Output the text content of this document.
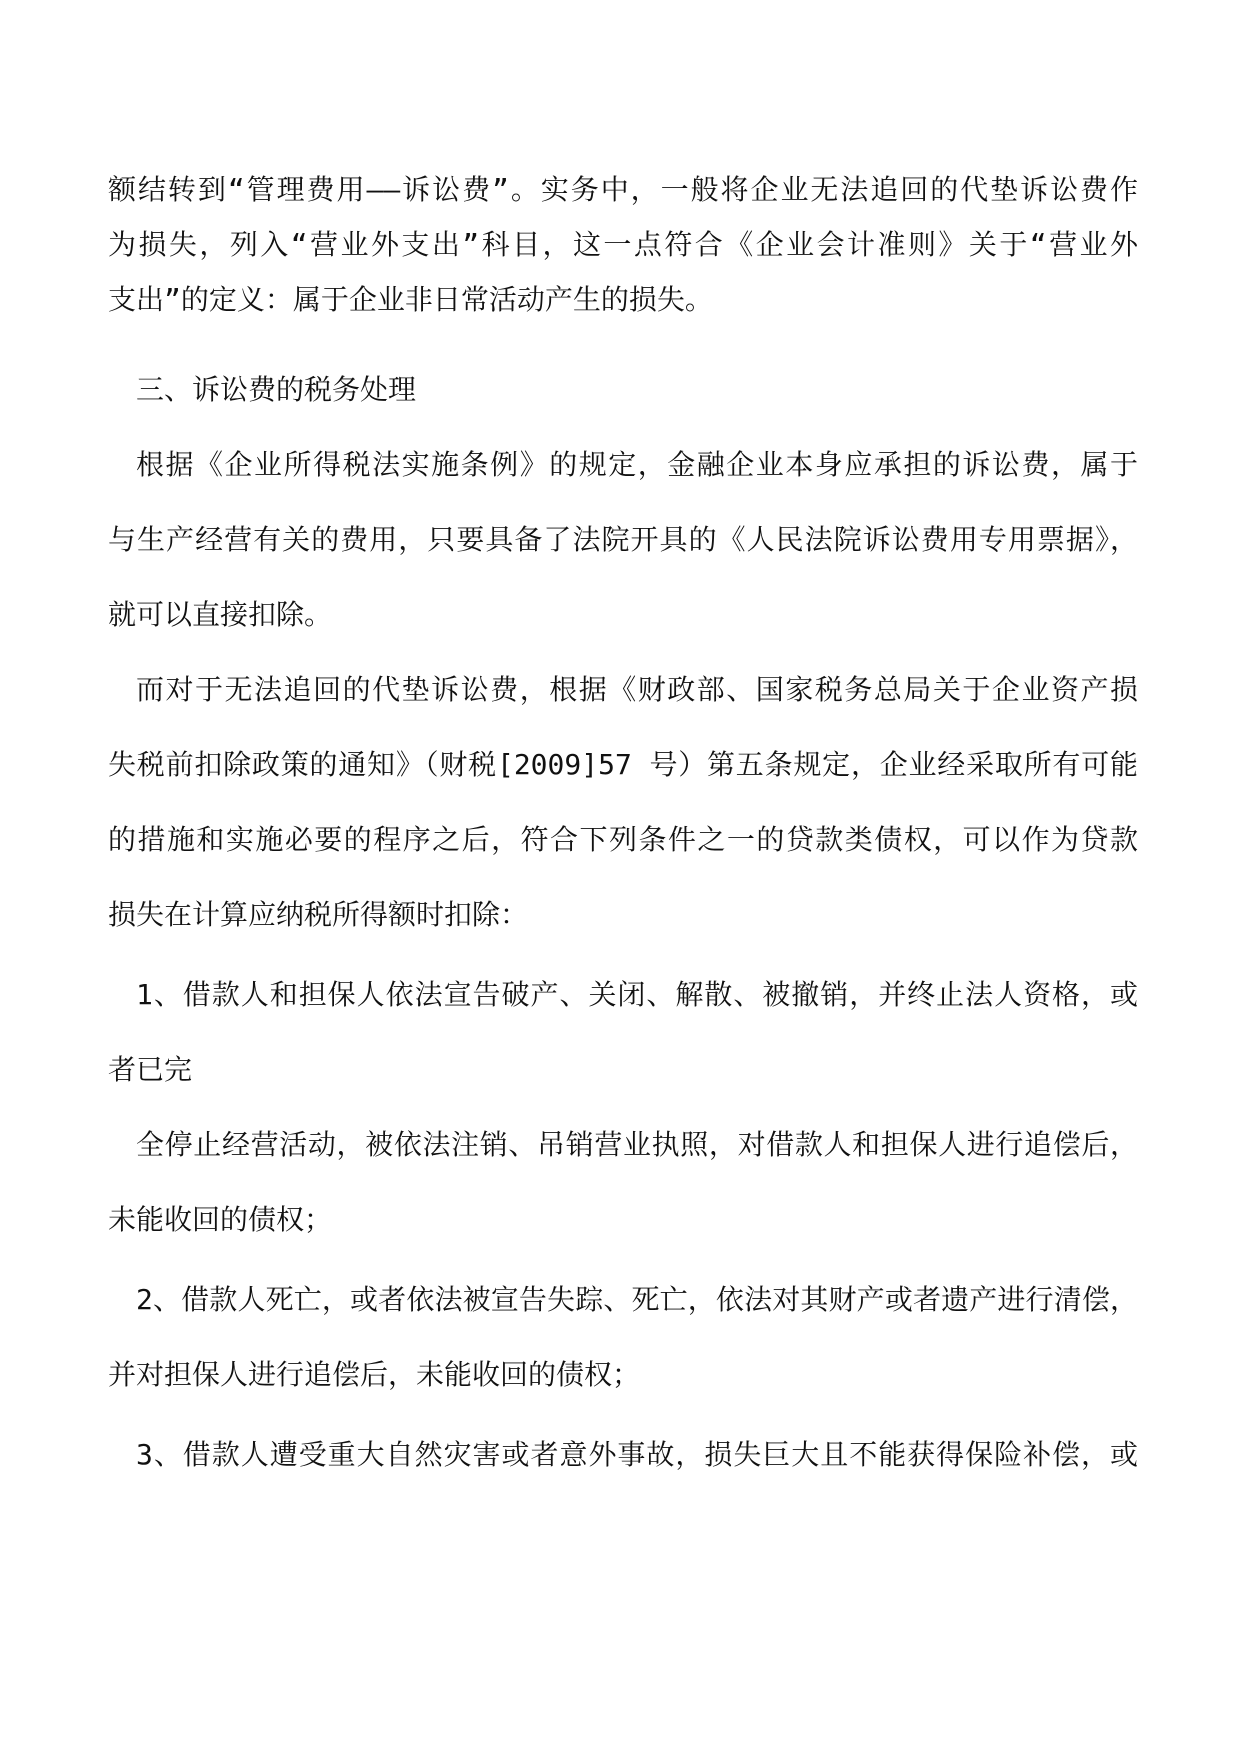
额结转到“管理费用——诉讼费”。实务中，一般将企业无法追回的代垫诉讼费作
为损失，列入“营业外支出”科目，这一点符合《企业会计准则》关于“营业外
支出”的定义：属于企业非日常活动产生的损失。
三、诉讼费的税务处理
根据《企业所得税法实施条例》的规定，金融企业本身应承担的诉讼费，属于
与生产经营有关的费用，只要具备了法院开具的《人民法院诉讼费用专用票据》，
就可以直接扣除。
而对于无法追回的代垫诉讼费，根据《财政部、国家税务总局关于企业资产损
失税前扣除政策的通知》（财税[2009]57 号）第五条规定，企业经采取所有可能
的措施和实施必要的程序之后，符合下列条件之一的贷款类债权，可以作为贷款
损失在计算应纳税所得额时扣除：
1、借款人和担保人依法宣告破产、关闭、解散、被撤销，并终止法人资格，或
者已完
全停止经营活动，被依法注销、吊销营业执照，对借款人和担保人进行追偿后，
未能收回的债权；
2、借款人死亡，或者依法被宣告失踪、死亡，依法对其财产或者遗产进行清偿，
并对担保人进行追偿后，未能收回的债权；
3、借款人遭受重大自然灾害或者意外事故，损失巨大且不能获得保险补偿，或
